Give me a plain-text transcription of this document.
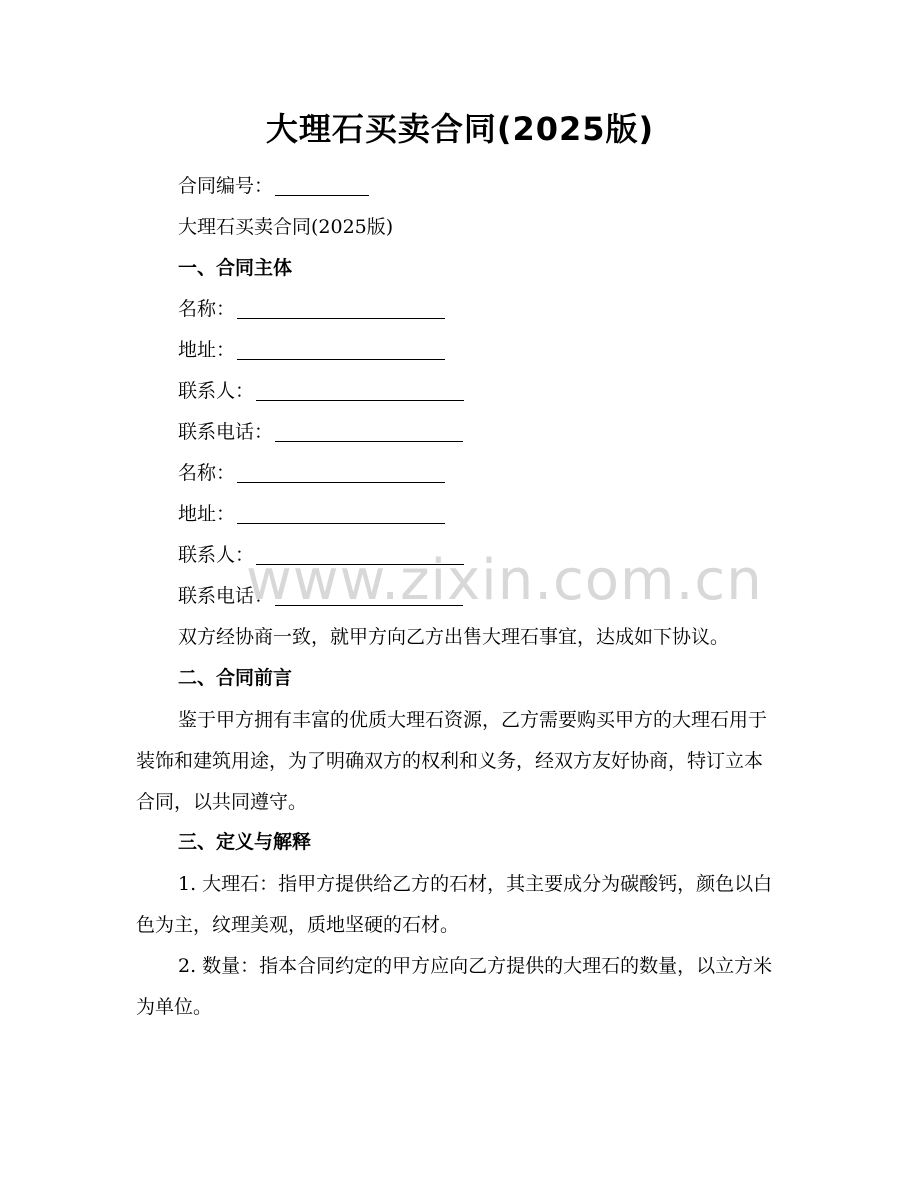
大理石买卖合同(2025版)
合同编号：
大理石买卖合同(2025版)
一、合同主体
名称：
地址：
联系人：
联系电话：
名称：
地址：
联系人：
联系电话：
双方经协商一致，就甲方向乙方出售大理石事宜，达成如下协议。
二、合同前言
鉴于甲方拥有丰富的优质大理石资源，乙方需要购买甲方的大理石用于装饰和建筑用途，为了明确双方的权利和义务，经双方友好协商，特订立本合同，以共同遵守。
三、定义与解释
1. 大理石：指甲方提供给乙方的石材，其主要成分为碳酸钙，颜色以白色为主，纹理美观，质地坚硬的石材。
2. 数量：指本合同约定的甲方应向乙方提供的大理石的数量，以立方米为单位。
www.zixin.com.cn
